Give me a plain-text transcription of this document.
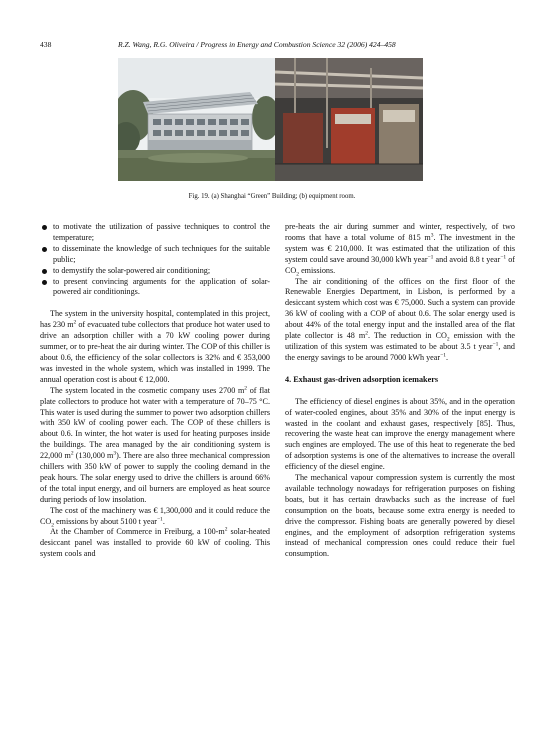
438	R.Z. Wang, R.G. Oliveira / Progress in Energy and Combustion Science 32 (2006) 424–458
Fig. 19. (a) Shanghai “Green” Building; (b) equipment room.
to motivate the utilization of passive techniques to control the temperature;
to disseminate the knowledge of such techniques for the suitable public;
to demystify the solar-powered air conditioning;
to present convincing arguments for the application of solar-powered air conditionings.

The system in the university hospital, contemplated in this project, has 230 $m^2$ of evacuated tube collectors that produce hot water used to drive an adsorption chiller with a 70 kW cooling power during summer, or to pre-heat the air during winter. The COP of this chiller is about 0.6, the efficiency of the solar collectors is 32% and € 353,000 was invested in the whole system, which was installed in 1999. The annual operation cost is about € 12,000.

The system located in the cosmetic company uses 2700 $m^2$ of flat plate collectors to produce hot water with a temperature of 70–75 °C. This water is used during the summer to power two adsorption chillers with 350 kW of cooling power each. The COP of these chillers is about 0.6. In winter, the hot water is used for heating purposes inside the buildings. The area managed by the air conditioning system is 22,000 $m^2$ (130,000 $m^3$). There are also three mechanical compression chillers with 350 kW of power to supply the cooling demand in the peak hours. The solar energy used to drive the chillers is around 66% of the total input energy, and oil burners are employed as heat source during periods of low insolation.

The cost of the machinery was € 1,300,000 and it could reduce the $CO_2$ emissions by about 5100 t year$^{-1}$.

At the Chamber of Commerce in Freiburg, a $100-m^2$ solar-heated desiccant panel was installed to provide 60 kW of cooling. This system cools and

pre-heats the air during summer and winter, respectively, of two rooms that have a total volume of 815 $m^3$. The investment in the system was € 210,000. It was estimated that the utilization of this system could save around 30,000 kWh year$^{-1}$ and avoid 8.8 t year$^{-1}$ of $CO_2$ emissions.

The air conditioning of the offices on the first floor of the Renewable Energies Department, in Lisbon, is performed by a desiccant system which cost was € 75,000. Such a system can provide 36 kW of cooling with a COP of about 0.6. The solar energy used is about 44% of the total energy input and the installed area of the flat plate collector is 48 $m^2$. The reduction in $CO_2$ emission with the utilization of this system was estimated to be about 3.5 t year$^{-1}$, and the energy savings to be around 7000 kWh year$^{-1}$.

4. Exhaust gas-driven adsorption icemakers

The efficiency of diesel engines is about 35%, and in the operation of water-cooled engines, about 35% and 30% of the input energy is wasted in the coolant and exhaust gases, respectively [85]. Thus, recovering the waste heat can improve the energy management where such engines are employed. The use of this heat to regenerate the bed of adsorption systems is one of the alternatives to increase the overall efficiency of the diesel engine.

The mechanical vapour compression system is currently the most available technology nowadays for refrigeration purposes on fishing boats, but it has certain drawbacks such as the increase of fuel consumption on the boats, because some extra energy is needed to drive the compressor. Fishing boats are generally powered by diesel engines, and the employment of adsorption refrigeration systems instead of mechanical compression ones could reduce their fuel consumption.
